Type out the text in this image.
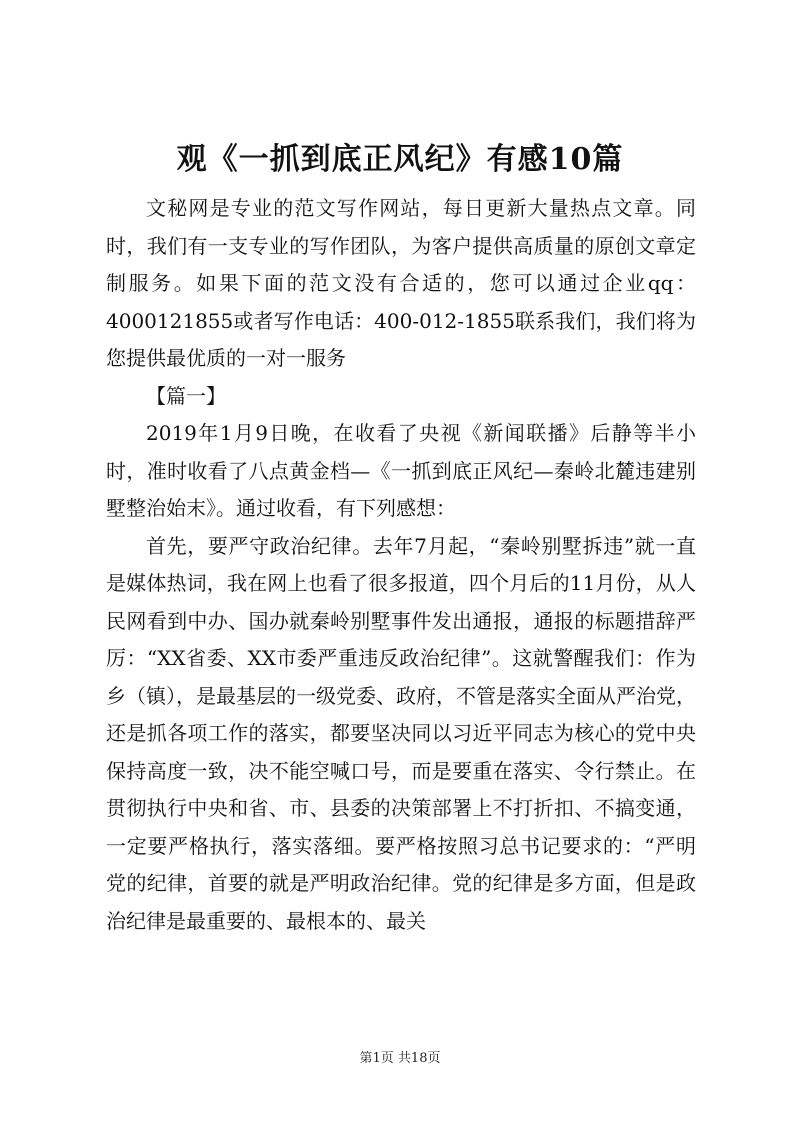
观《一抓到底正风纪》有感10篇

文秘网是专业的范文写作网站，每日更新大量热点文章。同时，我们有一支专业的写作团队，为客户提供高质量的原创文章定制服务。如果下面的范文没有合适的，您可以通过企业qq：4000121855或者写作电话：400-012-1855联系我们，我们将为您提供最优质的一对一服务

【篇一】

2019年1月9日晚，在收看了央视《新闻联播》后静等半小时，准时收看了八点黄金档—《一抓到底正风纪—秦岭北麓违建别墅整治始末》。通过收看，有下列感想：

首先，要严守政治纪律。去年7月起，“秦岭别墅拆违”就一直是媒体热词，我在网上也看了很多报道，四个月后的11月份，从人民网看到中办、国办就秦岭别墅事件发出通报，通报的标题措辞严厉：“XX省委、XX市委严重违反政治纪律”。这就警醒我们：作为乡（镇），是最基层的一级党委、政府，不管是落实全面从严治党，还是抓各项工作的落实，都要坚决同以习近平同志为核心的党中央保持高度一致，决不能空喊口号，而是要重在落实、令行禁止。在贯彻执行中央和省、市、县委的决策部署上不打折扣、不搞变通，一定要严格执行，落实落细。要严格按照习总书记要求的：“严明党的纪律，首要的就是严明政治纪律。党的纪律是多方面，但是政治纪律是最重要的、最根本的、最关

第1页 共18页
